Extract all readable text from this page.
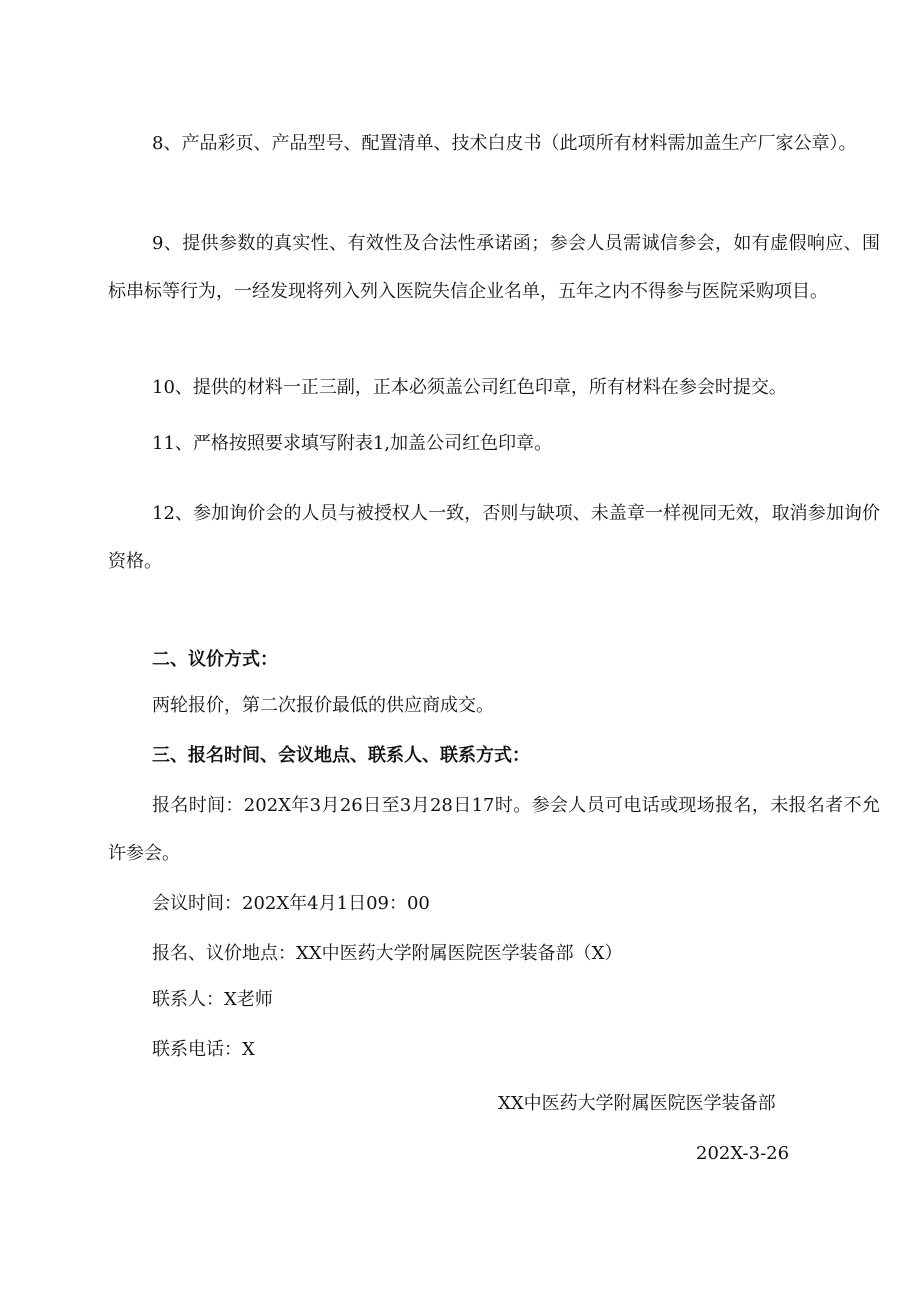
8、产品彩页、产品型号、配置清单、技术白皮书（此项所有材料需加盖生产厂家公章）。

9、提供参数的真实性、有效性及合法性承诺函；参会人员需诚信参会，如有虚假响应、围标串标等行为，一经发现将列入列入医院失信企业名单，五年之内不得参与医院采购项目。

10、提供的材料一正三副，正本必须盖公司红色印章，所有材料在参会时提交。

11、严格按照要求填写附表1,加盖公司红色印章。

12、参加询价会的人员与被授权人一致，否则与缺项、未盖章一样视同无效，取消参加询价资格。

二、议价方式：

两轮报价，第二次报价最低的供应商成交。

三、报名时间、会议地点、联系人、联系方式：

报名时间：202X年3月26日至3月28日17时。参会人员可电话或现场报名，未报名者不允许参会。

会议时间：202X年4月1日09：00

报名、议价地点：XX中医药大学附属医院医学装备部（X）

联系人：X老师

联系电话：X

XX中医药大学附属医院医学装备部

202X-3-26
